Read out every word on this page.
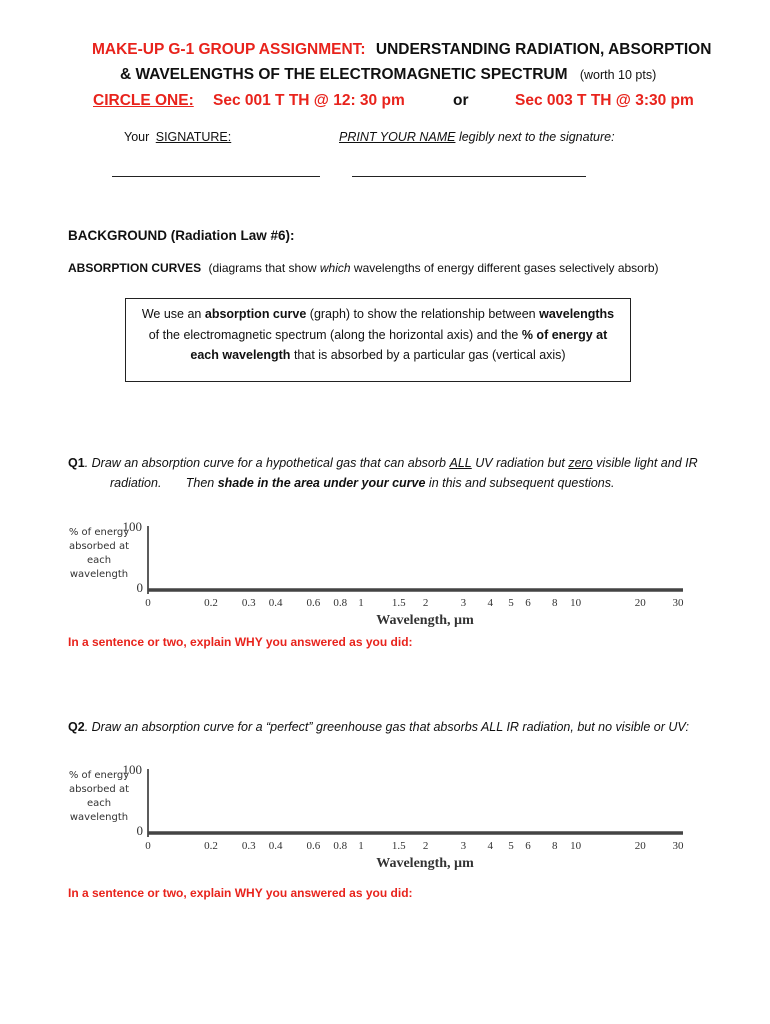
MAKE-UP G-1 GROUP ASSIGNMENT: UNDERSTANDING RADIATION, ABSORPTION
& WAVELENGTHS OF THE ELECTROMAGNETIC SPECTRUM (worth 10 pts)
CIRCLE ONE: Sec 001 T TH @ 12: 30 pm	or	Sec 003 T TH @ 3:30 pm
Your SIGNATURE:	PRINT YOUR NAME legibly next to the signature:
BACKGROUND (Radiation Law #6):
ABSORPTION CURVES (diagrams that show which wavelengths of energy different gases selectively absorb)
We use an absorption curve (graph) to show the relationship between wavelengths
of the electromagnetic spectrum (along the horizontal axis) and the % of energy at
each wavelength that is absorbed by a particular gas (vertical axis)
Q1. Draw an absorption curve for a hypothetical gas that can absorb ALL UV radiation but zero visible light and IR
radiation.       Then shade in the area under your curve in this and subsequent questions.
% of energy absorbed at each wavelength
100
0
0	0.2 0.3 0.4 0.6 0.8 1	1.5 2	3 4 5 6 8 10	20 30
Wavelength, µm
In a sentence or two, explain WHY you answered as you did:
Q2. Draw an absorption curve for a “perfect” greenhouse gas that absorbs ALL IR radiation, but no visible or UV:
% of energy absorbed at each wavelength
100
0
0	0.2 0.3 0.4 0.6 0.8 1	1.5 2	3 4 5 6 8 10	20 30
Wavelength, µm
In a sentence or two, explain WHY you answered as you did:
